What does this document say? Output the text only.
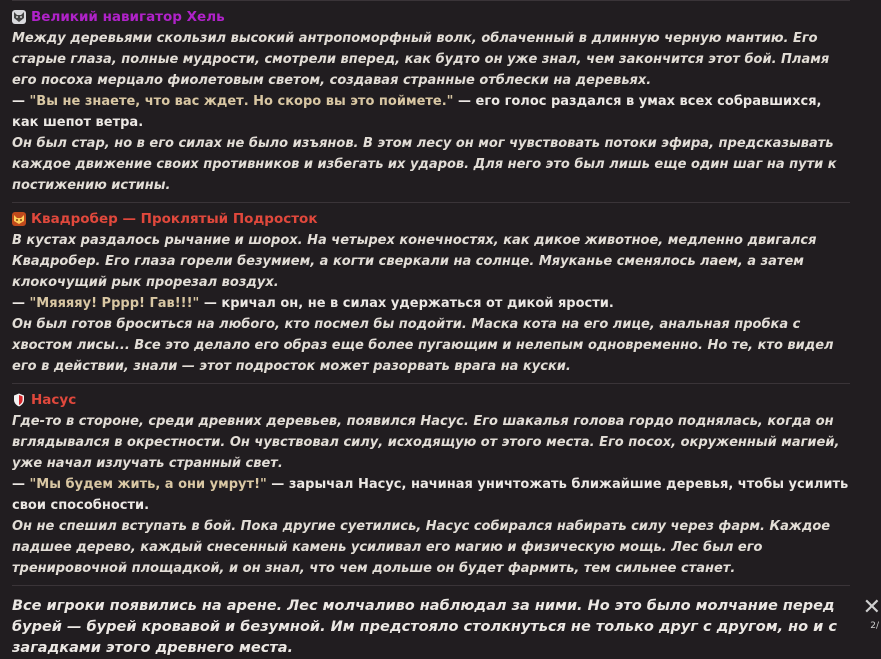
Великий навигатор Хель

Между деревьями скользил высокий антропоморфный волк, облаченный в длинную черную мантию. Его старые глаза, полные мудрости, смотрели вперед, как будто он уже знал, чем закончится этот бой. Пламя его посоха мерцало фиолетовым светом, создавая странные отблески на деревьях.

— "Вы не знаете, что вас ждет. Но скоро вы это поймете." — его голос раздался в умах всех собравшихся, как шепот ветра.

Он был стар, но в его силах не было изъянов. В этом лесу он мог чувствовать потоки эфира, предсказывать каждое движение своих противников и избегать их ударов. Для него это был лишь еще один шаг на пути к постижению истины.

Квадробер — Проклятый Подросток

В кустах раздалось рычание и шорох. На четырех конечностях, как дикое животное, медленно двигался Квадробер. Его глаза горели безумием, а когти сверкали на солнце. Мяуканье сменялось лаем, а затем клокочущий рык прорезал воздух.

— "Мяяяяу! Рррр! Гав!!!" — кричал он, не в силах удержаться от дикой ярости.

Он был готов броситься на любого, кто посмел бы подойти. Маска кота на его лице, анальная пробка с хвостом лисы... Все это делало его образ еще более пугающим и нелепым одновременно. Но те, кто видел его в действии, знали — этот подросток может разорвать врага на куски.

Насус

Где-то в стороне, среди древних деревьев, появился Насус. Его шакалья голова гордо поднялась, когда он вглядывался в окрестности. Он чувствовал силу, исходящую от этого места. Его посох, окруженный магией, уже начал излучать странный свет.

— "Мы будем жить, а они умрут!" — зарычал Насус, начиная уничтожать ближайшие деревья, чтобы усилить свои способности.

Он не спешил вступать в бой. Пока другие суетились, Насус собирался набирать силу через фарм. Каждое падшее дерево, каждый снесенный камень усиливал его магию и физическую мощь. Лес был его тренировочной площадкой, и он знал, что чем дольше он будет фармить, тем сильнее станет.

Все игроки появились на арене. Лес молчаливо наблюдал за ними. Но это было молчание перед бурей — бурей кровавой и безумной. Им предстояло столкнуться не только друг с другом, но и с загадками этого древнего места.

✕
2/
